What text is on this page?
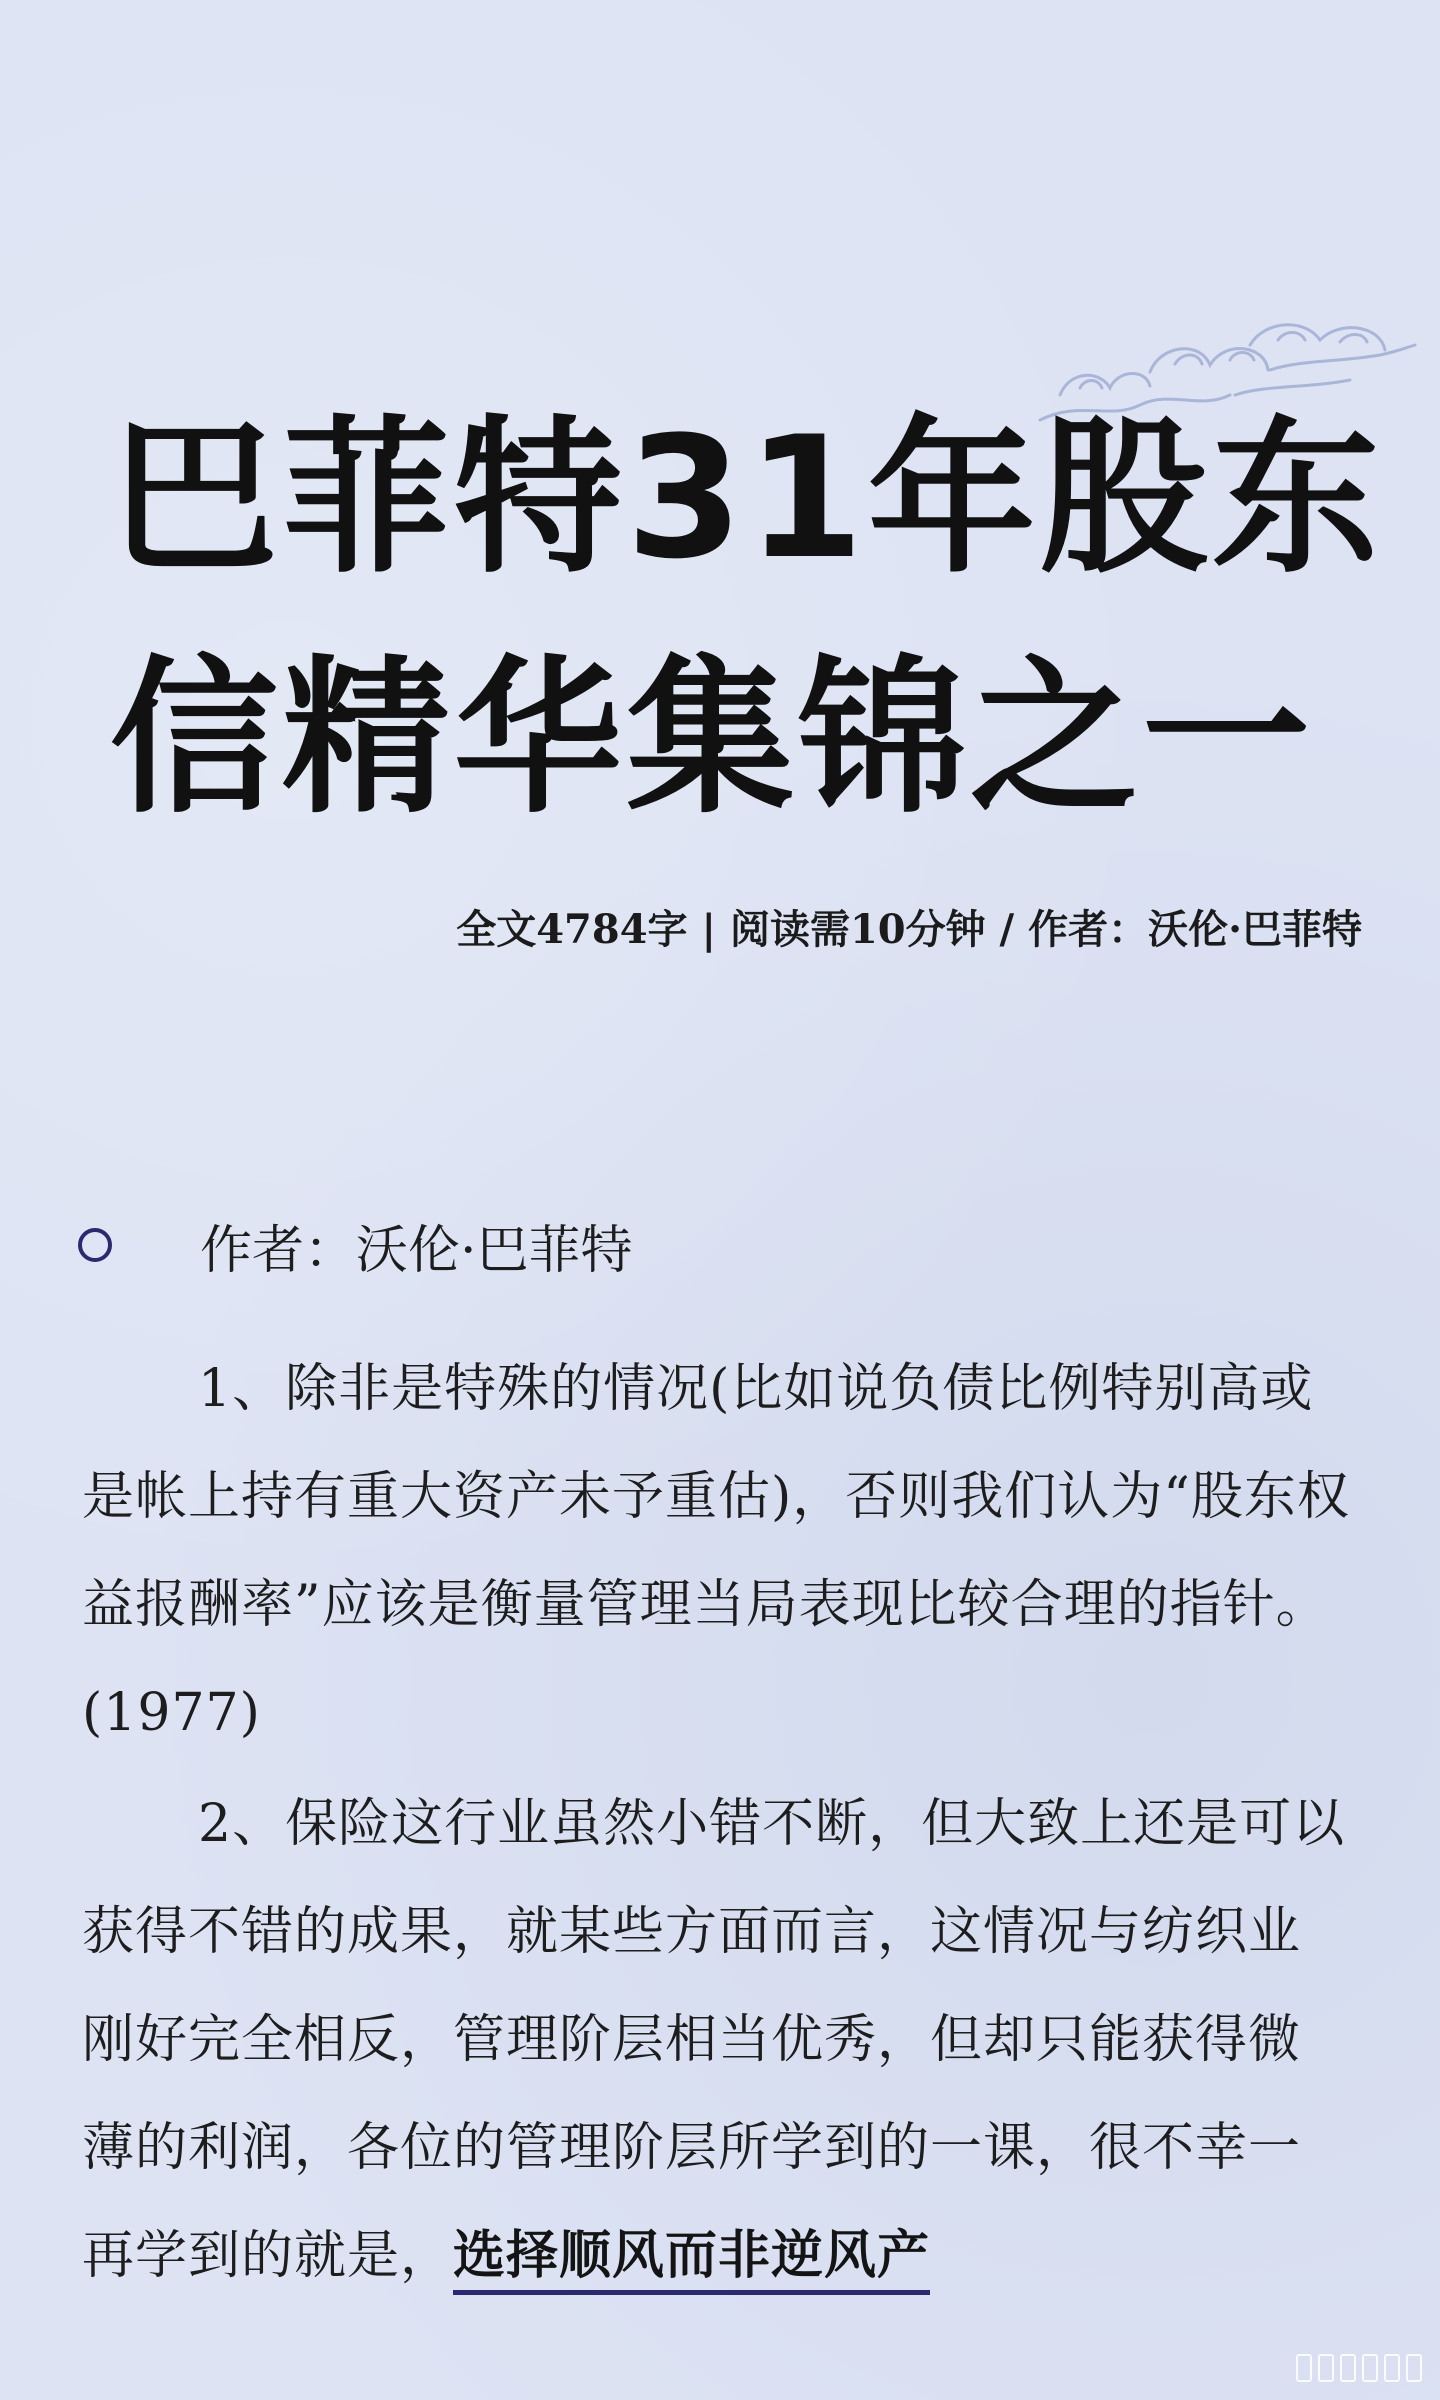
巴菲特31年股东
信精华集锦之一
全文4784字 | 阅读需10分钟 / 作者：沃伦·巴菲特
作者：沃伦·巴菲特

1、除非是特殊的情况(比如说负债比例特别高或是帐上持有重大资产未予重估)，否则我们认为“股东权益报酬率”应该是衡量管理当局表现比较合理的指针。(1977)

2、保险这行业虽然小错不断，但大致上还是可以获得不错的成果，就某些方面而言，这情况与纺织业刚好完全相反，管理阶层相当优秀，但却只能获得微薄的利润，各位的管理阶层所学到的一课，很不幸一再学到的就是，选择顺风而非逆风产
